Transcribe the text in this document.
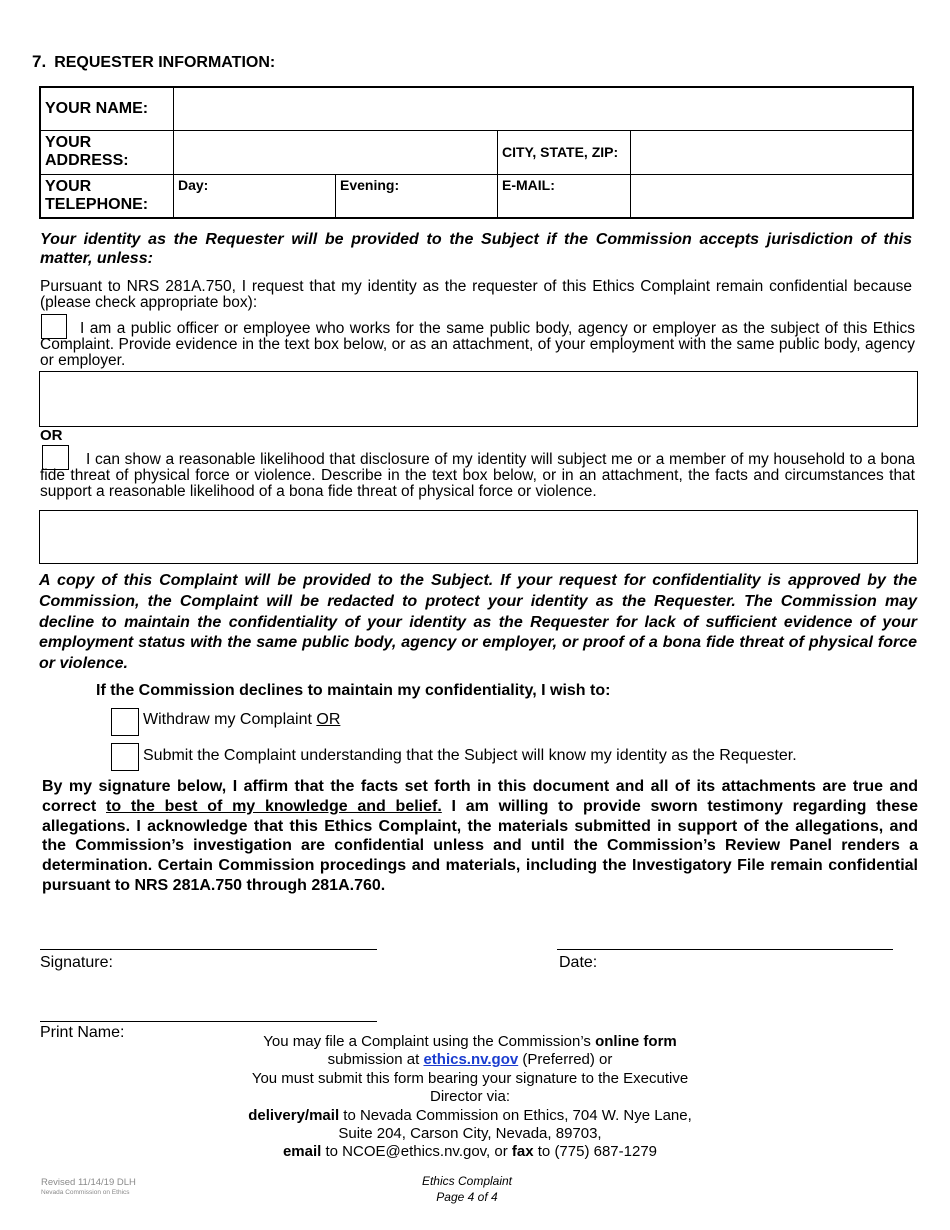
7. REQUESTER INFORMATION:
YOUR NAME:				
YOUR ADDRESS:			CITY, STATE, ZIP:	
YOUR TELEPHONE:	Day:	Evening:	E-MAIL:	
Your identity as the Requester will be provided to the Subject if the Commission accepts jurisdiction of this matter, unless:
Pursuant to NRS 281A.750, I request that my identity as the requester of this Ethics Complaint remain confidential because (please check appropriate box):
I am a public officer or employee who works for the same public body, agency or employer as the subject of this Ethics Complaint. Provide evidence in the text box below, or as an attachment, of your employment with the same public body, agency or employer.
OR
I can show a reasonable likelihood that disclosure of my identity will subject me or a member of my household to a bona fide threat of physical force or violence. Describe in the text box below, or in an attachment, the facts and circumstances that support a reasonable likelihood of a bona fide threat of physical force or violence.
A copy of this Complaint will be provided to the Subject. If your request for confidentiality is approved by the Commission, the Complaint will be redacted to protect your identity as the Requester. The Commission may decline to maintain the confidentiality of your identity as the Requester for lack of sufficient evidence of your employment status with the same public body, agency or employer, or proof of a bona fide threat of physical force or violence.
If the Commission declines to maintain my confidentiality, I wish to:
Withdraw my Complaint OR
Submit the Complaint understanding that the Subject will know my identity as the Requester.
By my signature below, I affirm that the facts set forth in this document and all of its attachments are true and correct to the best of my knowledge and belief. I am willing to provide sworn testimony regarding these allegations. I acknowledge that this Ethics Complaint, the materials submitted in support of the allegations, and the Commission’s investigation are confidential unless and until the Commission’s Review Panel renders a determination. Certain Commission procedings and materials, including the Investigatory File remain confidential pursuant to NRS 281A.750 through 281A.760.
Signature:	Date:
Print Name:
You may file a Complaint using the Commission’s online form
submission at ethics.nv.gov (Preferred) or
You must submit this form bearing your signature to the Executive
Director via:
delivery/mail to Nevada Commission on Ethics, 704 W. Nye Lane,
Suite 204, Carson City, Nevada, 89703,
email to NCOE@ethics.nv.gov, or fax to (775) 687-1279
Revised 11/14/19 DLH
Nevada Commission on Ethics
Ethics Complaint
Page 4 of 4
